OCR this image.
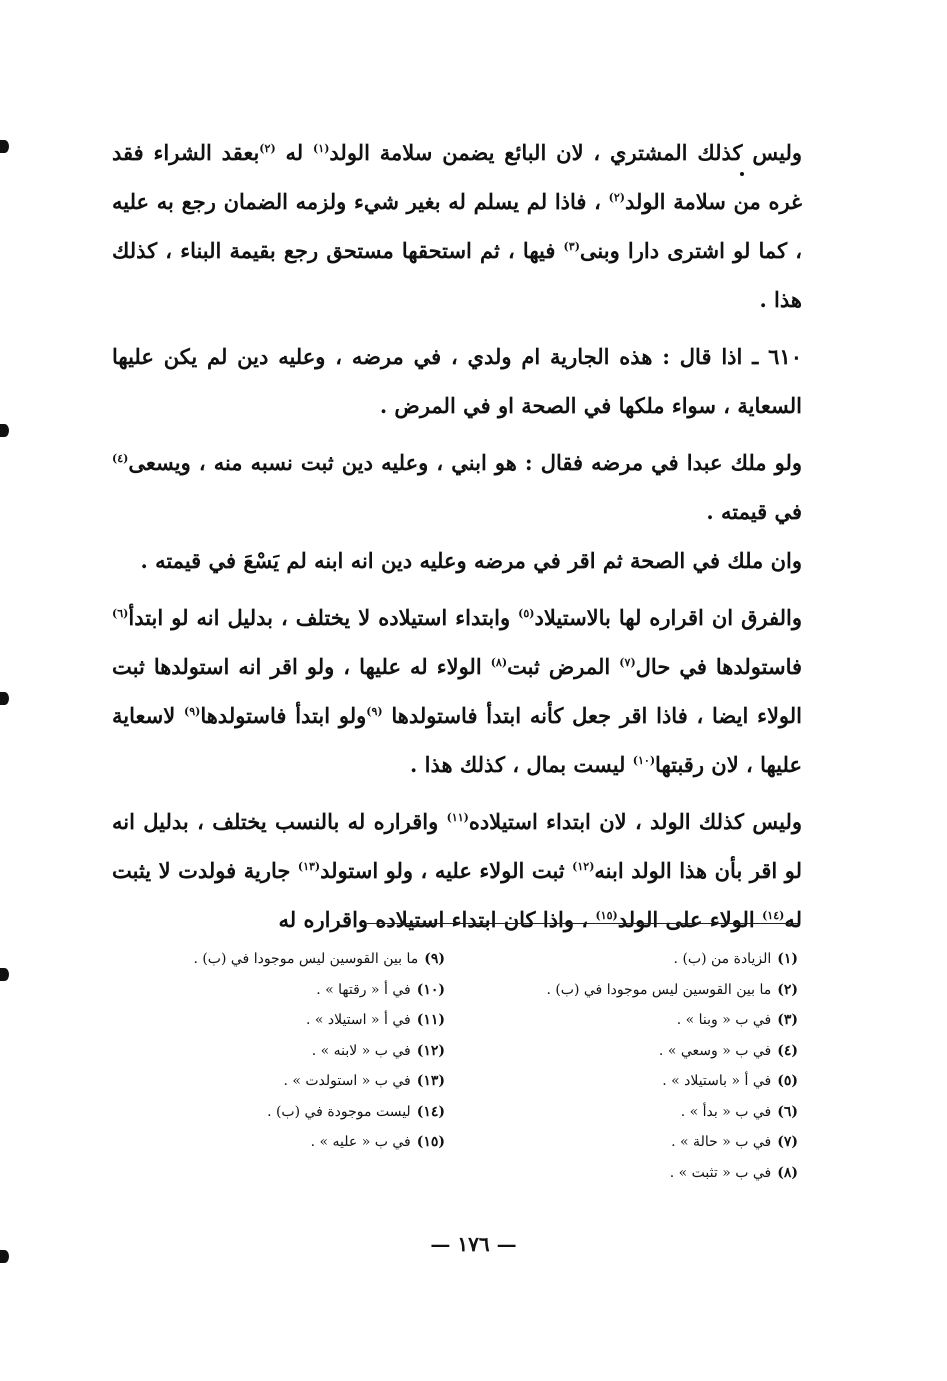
وليس كذلك المشتري ، لان البائع يضمن سلامة الولد$^{(١)}$ له $^{(٢)}$بعقد الشراء فقد غره من سلامة الولد$^{(٢)}$ ، فاذا لم يسلم له بغير شيء ولزمه الضمان رجع به عليه ، كما لو اشترى دارا وبنى$^{(٣)}$ فيها ، ثم استحقها مستحق رجع بقيمة البناء ، كذلك هذا .

٦١٠ ـ اذا قال : هذه الجارية ام ولدي ، في مرضه ، وعليه دين لم يكن عليها السعاية ، سواء ملكها في الصحة او في المرض .

ولو ملك عبدا في مرضه فقال : هو ابني ، وعليه دين ثبت نسبه منه ، ويسعى$^{(٤)}$ في قيمته .

وان ملك في الصحة ثم اقر في مرضه وعليه دين انه ابنه لم يَسْعَ في قيمته .

والفرق ان اقراره لها بالاستيلاد$^{(٥)}$ وابتداء استيلاده لا يختلف ، بدليل انه لو ابتدأ$^{(٦)}$ فاستولدها في حال$^{(٧)}$ المرض ثبت$^{(٨)}$ الولاء له عليها ، ولو اقر انه استولدها ثبت الولاء ايضا ، فاذا اقر جعل كأنه ابتدأ فاستولدها $^{(٩)}$ولو ابتدأ فاستولدها$^{(٩)}$ لاسعاية عليها ، لان رقبتها$^{(١٠)}$ ليست بمال ، كذلك هذا .

وليس كذلك الولد ، لان ابتداء استيلاده$^{(١١)}$ واقراره له بالنسب يختلف ، بدليل انه لو اقر بأن هذا الولد ابنه$^{(١٢)}$ ثبت الولاء عليه ، ولو استولد$^{(١٣)}$ جارية فولدت لا يثبت له$^{(١٤)}$ الولاء على الولد$^{(١٥)}$ ، واذا كان ابتداء استيلاده واقراره له

(١)الزيادة من (ب) .
(٢)ما بين القوسين ليس موجودا في (ب) .
(٣)في ب « وبنا » .
(٤)في ب « وسعي » .
(٥)في أ « باستيلاد » .
(٦)في ب « بدأ » .
(٧)في ب « حالة » .
(٨)في ب « تثبت » .
(٩)ما بين القوسين ليس موجودا في (ب) .
(١٠)في أ « رقتها » .
(١١)في أ « استيلاد » .
(١٢)في ب « لابنه » .
(١٣)في ب « استولدت » .
(١٤)ليست موجودة في (ب) .
(١٥)في ب « عليه » .
— ١٧٦ —
